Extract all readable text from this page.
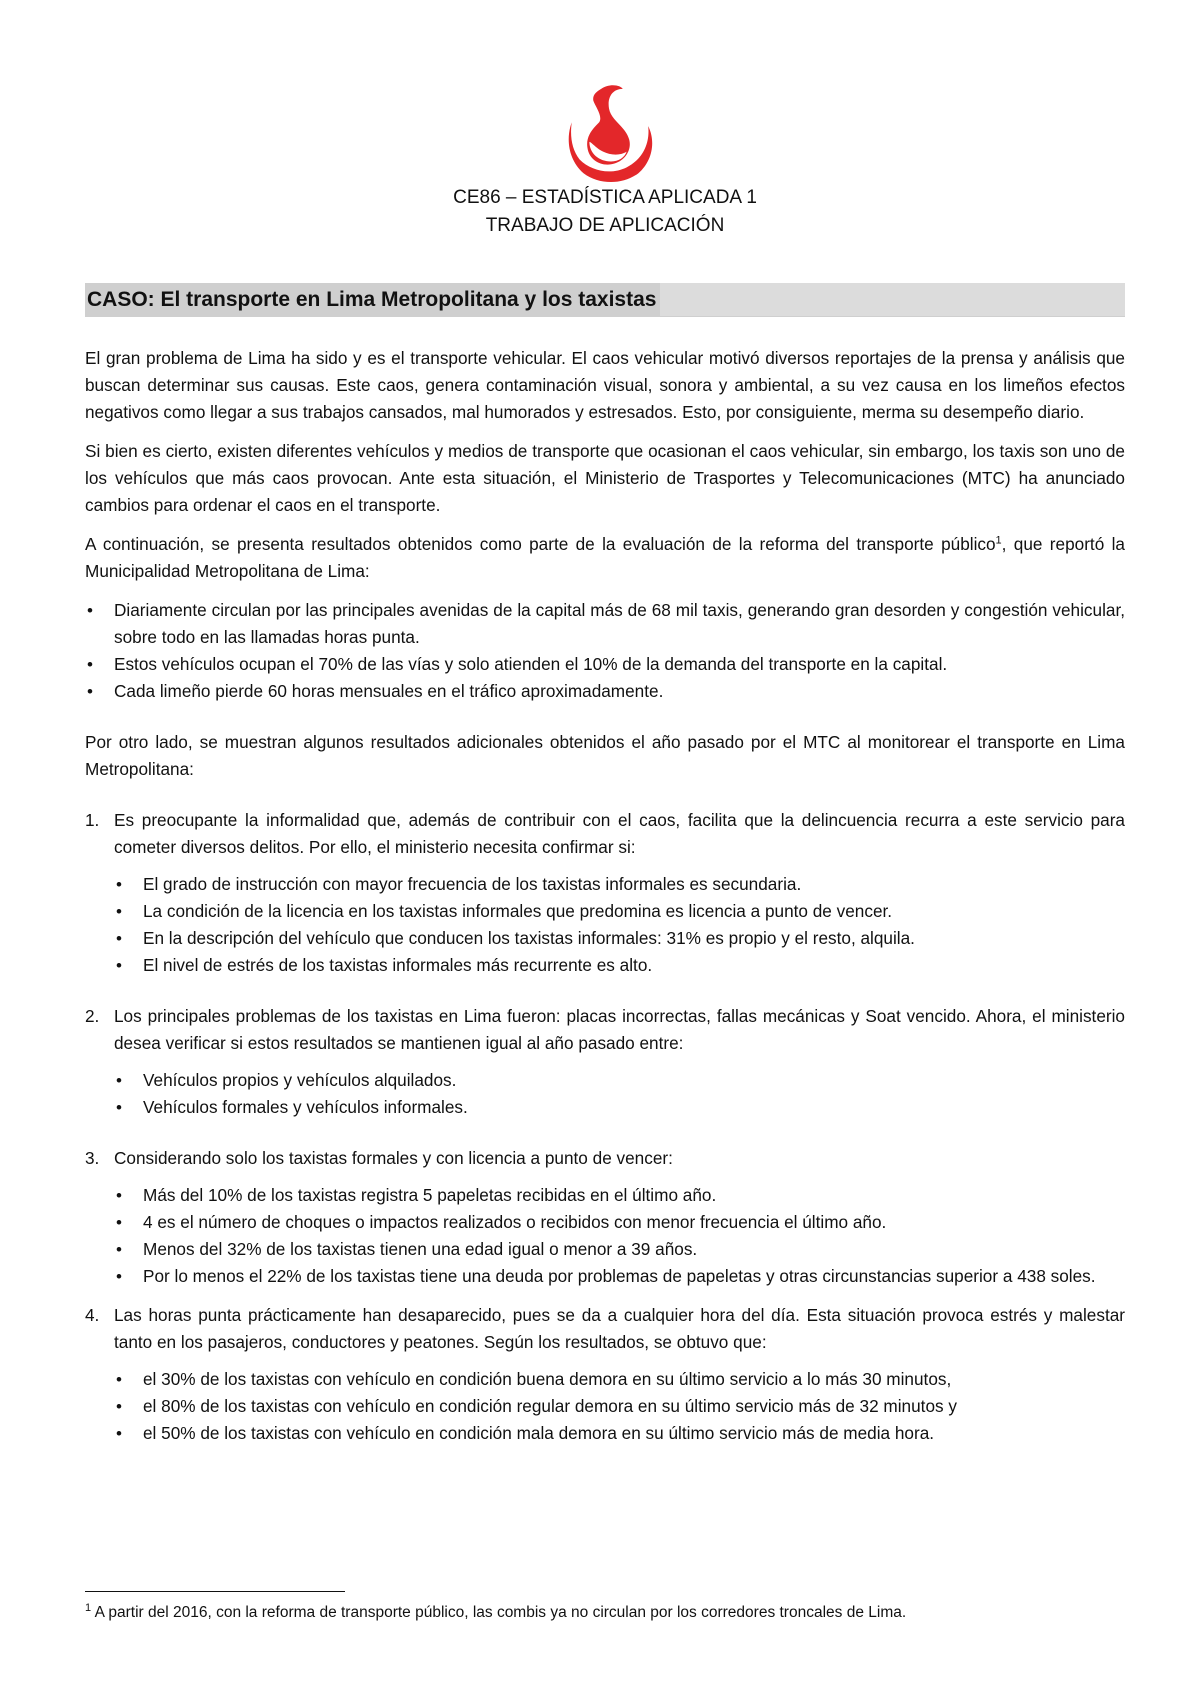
CE86 – ESTADÍSTICA APLICADA 1
TRABAJO DE APLICACIÓN
CASO: El transporte en Lima Metropolitana y los taxistas

El gran problema de Lima ha sido y es el transporte vehicular. El caos vehicular motivó diversos reportajes de la prensa y análisis que buscan determinar sus causas. Este caos, genera contaminación visual, sonora y ambiental, a su vez causa en los limeños efectos negativos como llegar a sus trabajos cansados, mal humorados y estresados. Esto, por consiguiente, merma su desempeño diario.

Si bien es cierto, existen diferentes vehículos y medios de transporte que ocasionan el caos vehicular, sin embargo, los taxis son uno de los vehículos que más caos provocan. Ante esta situación, el Ministerio de Trasportes y Telecomunicaciones (MTC) ha anunciado cambios para ordenar el caos en el transporte.

A continuación, se presenta resultados obtenidos como parte de la evaluación de la reforma del transporte público$^1$, que reportó la Municipalidad Metropolitana de Lima:

• Diariamente circulan por las principales avenidas de la capital más de 68 mil taxis, generando gran desorden y congestión vehicular, sobre todo en las llamadas horas punta.
• Estos vehículos ocupan el 70% de las vías y solo atienden el 10% de la demanda del transporte en la capital.
• Cada limeño pierde 60 horas mensuales en el tráfico aproximadamente.

Por otro lado, se muestran algunos resultados adicionales obtenidos el año pasado por el MTC al monitorear el transporte en Lima Metropolitana:

1. Es preocupante la informalidad que, además de contribuir con el caos, facilita que la delincuencia recurra a este servicio para cometer diversos delitos. Por ello, el ministerio necesita confirmar si:

• El grado de instrucción con mayor frecuencia de los taxistas informales es secundaria.
• La condición de la licencia en los taxistas informales que predomina es licencia a punto de vencer.
• En la descripción del vehículo que conducen los taxistas informales: 31% es propio y el resto, alquila.
• El nivel de estrés de los taxistas informales más recurrente es alto.
2. Los principales problemas de los taxistas en Lima fueron: placas incorrectas, fallas mecánicas y Soat vencido. Ahora, el ministerio desea verificar si estos resultados se mantienen igual al año pasado entre:

• Vehículos propios y vehículos alquilados.
• Vehículos formales y vehículos informales.
3. Considerando solo los taxistas formales y con licencia a punto de vencer:

• Más del 10% de los taxistas registra 5 papeletas recibidas en el último año.
• 4 es el número de choques o impactos realizados o recibidos con menor frecuencia el último año.
• Menos del 32% de los taxistas tienen una edad igual o menor a 39 años.
• Por lo menos el 22% de los taxistas tiene una deuda por problemas de papeletas y otras circunstancias superior a 438 soles.
4. Las horas punta prácticamente han desaparecido, pues se da a cualquier hora del día. Esta situación provoca estrés y malestar tanto en los pasajeros, conductores y peatones. Según los resultados, se obtuvo que:

• el 30% de los taxistas con vehículo en condición buena demora en su último servicio a lo más 30 minutos,
• el 80% de los taxistas con vehículo en condición regular demora en su último servicio más de 32 minutos y
• el 50% de los taxistas con vehículo en condición mala demora en su último servicio más de media hora.
$^1$ A partir del 2016, con la reforma de transporte público, las combis ya no circulan por los corredores troncales de Lima.
